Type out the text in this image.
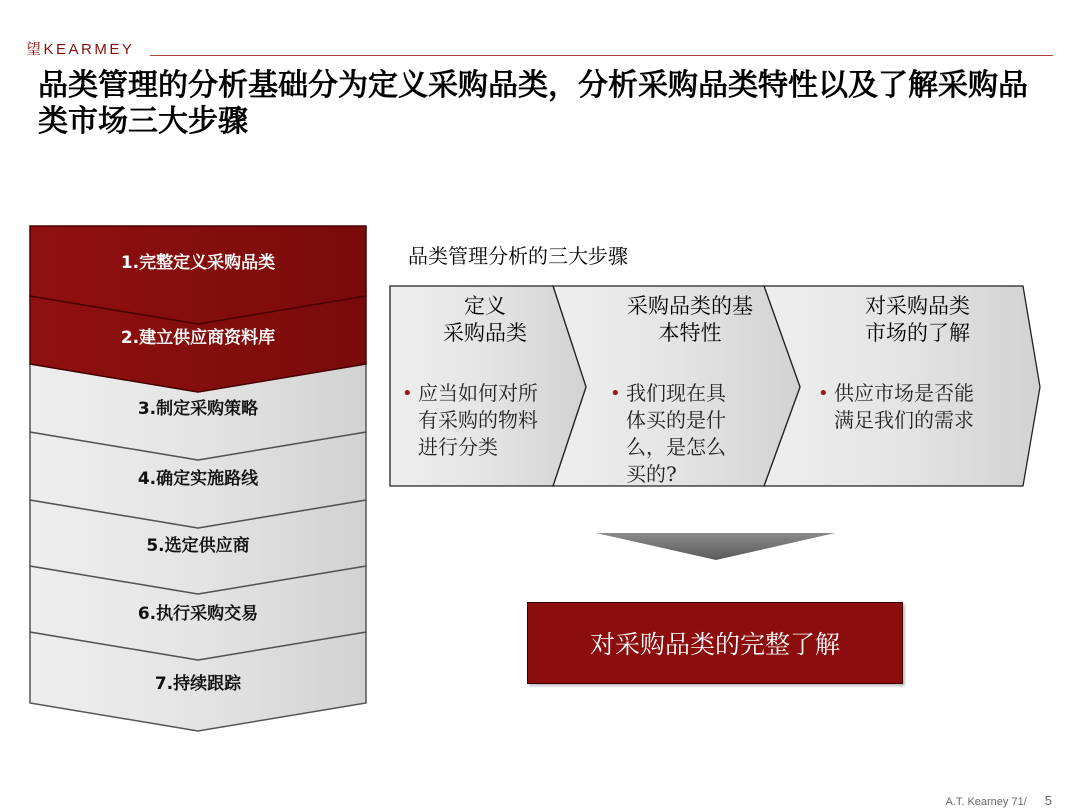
望KEARMEY
品类管理的分析基础分为定义采购品类，分析采购品类特性以及了解采购品类市场三大步骤
1.完整定义采购品类
2.建立供应商资料库
3.制定采购策略
4.确定实施路线
5.选定供应商
6.执行采购交易
7.持续跟踪
品类管理分析的三大步骤
定义
采购品类
• 应当如何对所
有采购的物料
进行分类
采购品类的基
本特性
• 我们现在具
体买的是什
么，是怎么
买的?
对采购品类
市场的了解
• 供应市场是否能
满足我们的需求
对采购品类的完整了解
A.T. Kearney 71/ 5
